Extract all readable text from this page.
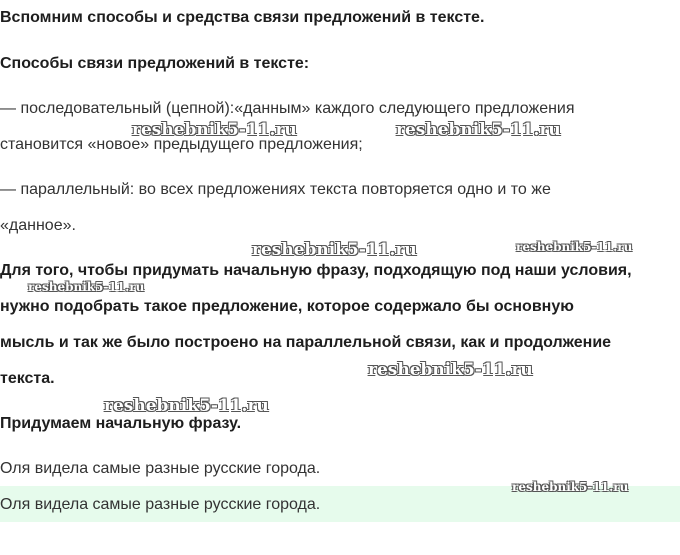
Вспомним способы и средства связи предложений в тексте.
Способы связи предложений в тексте:
— последовательный (цепной):«данным» каждого следующего предложения
становится «новое» предыдущего предложения;
— параллельный: во всех предложениях текста повторяется одно и то же
«данное».
Для того, чтобы придумать начальную фразу, подходящую под наши условия,
нужно подобрать такое предложение, которое содержало бы основную
мысль и так же было построено на параллельной связи, как и продолжение
текста.
Придумаем начальную фразу.
Оля видела самые разные русские города.
Оля видела самые разные русские города.
reshebnik5-11.ru	reshebnik5-11.ru
reshebnik5-11.ru	reshebnik5-11.ru
reshebnik5-11.ru
reshebnik5-11.ru
reshebnik5-11.ru
reshebnik5-11.ru
